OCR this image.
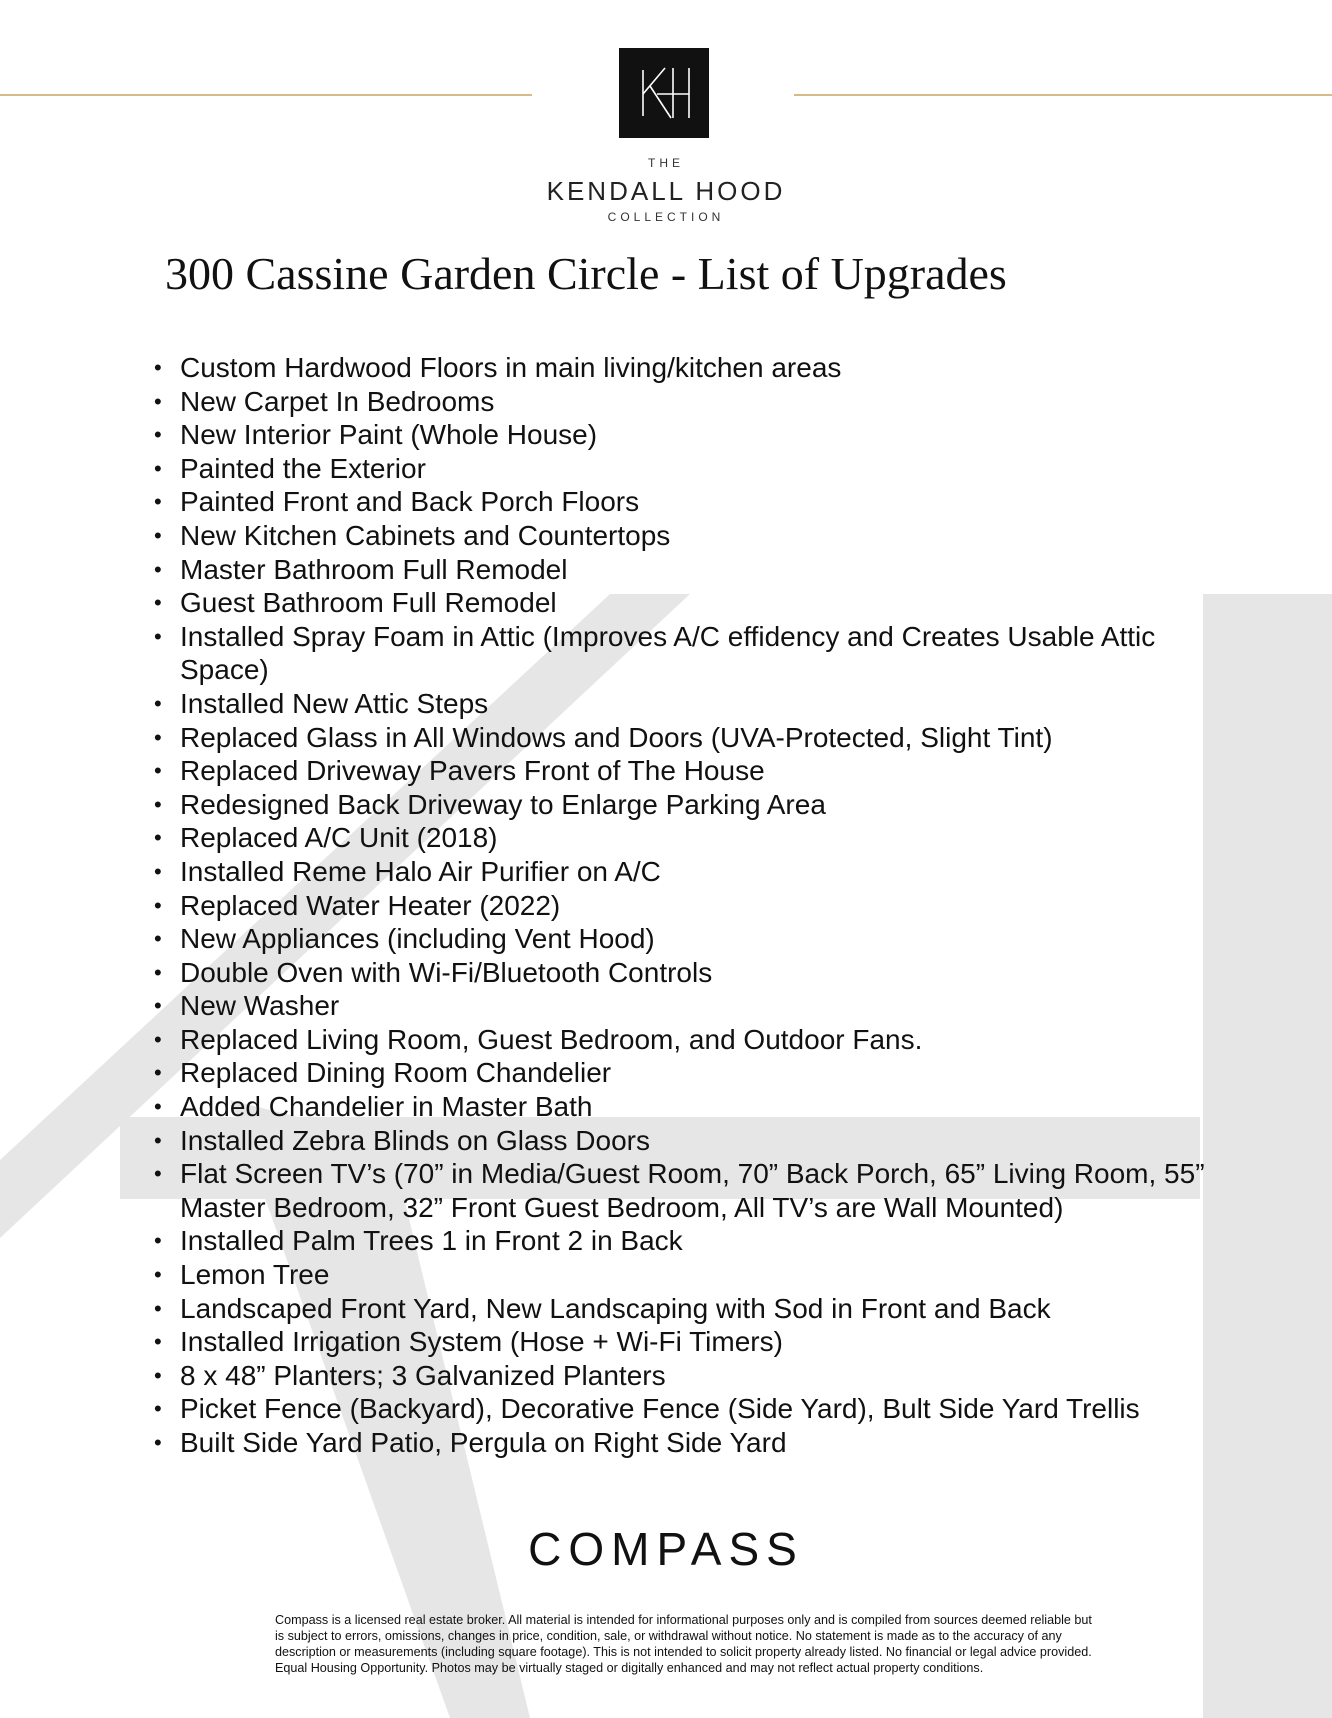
THE
KENDALL HOOD
COLLECTION
300 Cassine Garden Circle - List of Upgrades
• Custom Hardwood Floors in main living/kitchen areas
• New Carpet In Bedrooms
• New Interior Paint (Whole House)
• Painted the Exterior
• Painted Front and Back Porch Floors
• New Kitchen Cabinets and Countertops
• Master Bathroom Full Remodel
• Guest Bathroom Full Remodel
• Installed Spray Foam in Attic (Improves A/C effidency and Creates Usable Attic Space)
• Installed New Attic Steps
• Replaced Glass in All Windows and Doors (UVA-Protected, Slight Tint)
• Replaced Driveway Pavers Front of The House
• Redesigned Back Driveway to Enlarge Parking Area
• Replaced A/C Unit (2018)
• Installed Reme Halo Air Purifier on A/C
• Replaced Water Heater (2022)
• New Appliances (including Vent Hood)
• Double Oven with Wi-Fi/Bluetooth Controls
• New Washer
• Replaced Living Room, Guest Bedroom, and Outdoor Fans.
• Replaced Dining Room Chandelier
• Added Chandelier in Master Bath
• Installed Zebra Blinds on Glass Doors
• Flat Screen TV’s (70” in Media/Guest Room, 70” Back Porch, 65” Living Room, 55” Master Bedroom, 32” Front Guest Bedroom, All TV’s are Wall Mounted)
• Installed Palm Trees 1 in Front 2 in Back
• Lemon Tree
• Landscaped Front Yard, New Landscaping with Sod in Front and Back
• Installed Irrigation System (Hose + Wi-Fi Timers)
• 8 x 48” Planters; 3 Galvanized Planters
• Picket Fence (Backyard), Decorative Fence (Side Yard), Bult Side Yard Trellis
• Built Side Yard Patio, Pergula on Right Side Yard
COMPASS

Compass is a licensed real estate broker. All material is intended for informational purposes only and is compiled from sources deemed reliable but is subject to errors, omissions, changes in price, condition, sale, or withdrawal without notice. No statement is made as to the accuracy of any description or measurements (including square footage). This is not intended to solicit property already listed. No financial or legal advice provided. Equal Housing Opportunity. Photos may be virtually staged or digitally enhanced and may not reflect actual property conditions.
